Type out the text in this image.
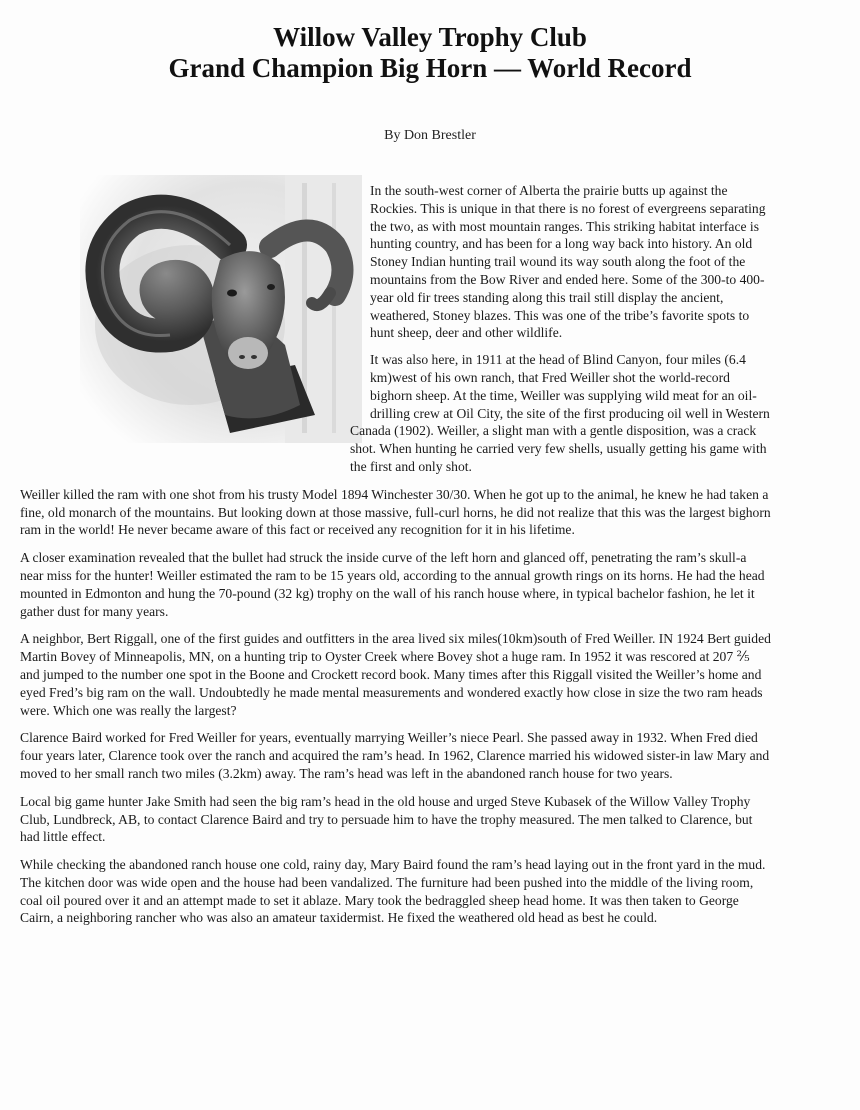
Willow Valley Trophy Club
Grand Champion Big Horn — World Record
By Don Brestler

In the south-west corner of Alberta the prairie butts up against the Rockies. This is unique in that there is no forest of evergreens separating the two, as with most mountain ranges. This striking habitat interface is hunting country, and has been for a long way back into history. An old Stoney Indian hunting trail wound its way south along the foot of the mountains from the Bow River and ended here. Some of the 300-to 400-year old fir trees standing along this trail still display the ancient, weathered, Stoney blazes. This was one of the tribe’s favorite spots to hunt sheep, deer and other wildlife.

It was also here, in 1911 at the head of Blind Canyon, four miles (6.4 km)west of his own ranch, that Fred Weiller shot the world-record bighorn sheep. At the time, Weiller was supplying wild meat for an oil-drilling crew at Oil City, the site of the first producing oil well in Western Canada (1902). Weiller, a slight man with a gentle disposition, was a crack shot. When hunting he carried very few shells, usually getting his game with the first and only shot.

Weiller killed the ram with one shot from his trusty Model 1894 Winchester 30/30. When he got up to the animal, he knew he had taken a fine, old monarch of the mountains. But looking down at those massive, full-curl horns, he did not realize that this was the largest bighorn ram in the world! He never became aware of this fact or received any recognition for it in his lifetime.

A closer examination revealed that the bullet had struck the inside curve of the left horn and glanced off, penetrating the ram’s skull-a near miss for the hunter! Weiller estimated the ram to be 15 years old, according to the annual growth rings on its horns. He had the head mounted in Edmonton and hung the 70-pound (32 kg) trophy on the wall of his ranch house where, in typical bachelor fashion, he let it gather dust for many years.

A neighbor, Bert Riggall, one of the first guides and outfitters in the area lived six miles(10km)south of Fred Weiller. IN 1924 Bert guided Martin Bovey of Minneapolis, MN, on a hunting trip to Oyster Creek where Bovey shot a huge ram. In 1952 it was rescored at 207 ⅖ and jumped to the number one spot in the Boone and Crockett record book. Many times after this Riggall visited the Weiller’s home and eyed Fred’s big ram on the wall. Undoubtedly he made mental measurements and wondered exactly how close in size the two ram heads were. Which one was really the largest?

Clarence Baird worked for Fred Weiller for years, eventually marrying Weiller’s niece Pearl. She passed away in 1932. When Fred died four years later, Clarence took over the ranch and acquired the ram’s head. In 1962, Clarence married his widowed sister-in law Mary and moved to her small ranch two miles (3.2km) away. The ram’s head was left in the abandoned ranch house for two years.

Local big game hunter Jake Smith had seen the big ram’s head in the old house and urged Steve Kubasek of the Willow Valley Trophy Club, Lundbreck, AB, to contact Clarence Baird and try to persuade him to have the trophy measured. The men talked to Clarence, but had little effect.

While checking the abandoned ranch house one cold, rainy day, Mary Baird found the ram’s head laying out in the front yard in the mud. The kitchen door was wide open and the house had been vandalized. The furniture had been pushed into the middle of the living room, coal oil poured over it and an attempt made to set it ablaze. Mary took the bedraggled sheep head home. It was then taken to George Cairn, a neighboring rancher who was also an amateur taxidermist. He fixed the weathered old head as best he could.
